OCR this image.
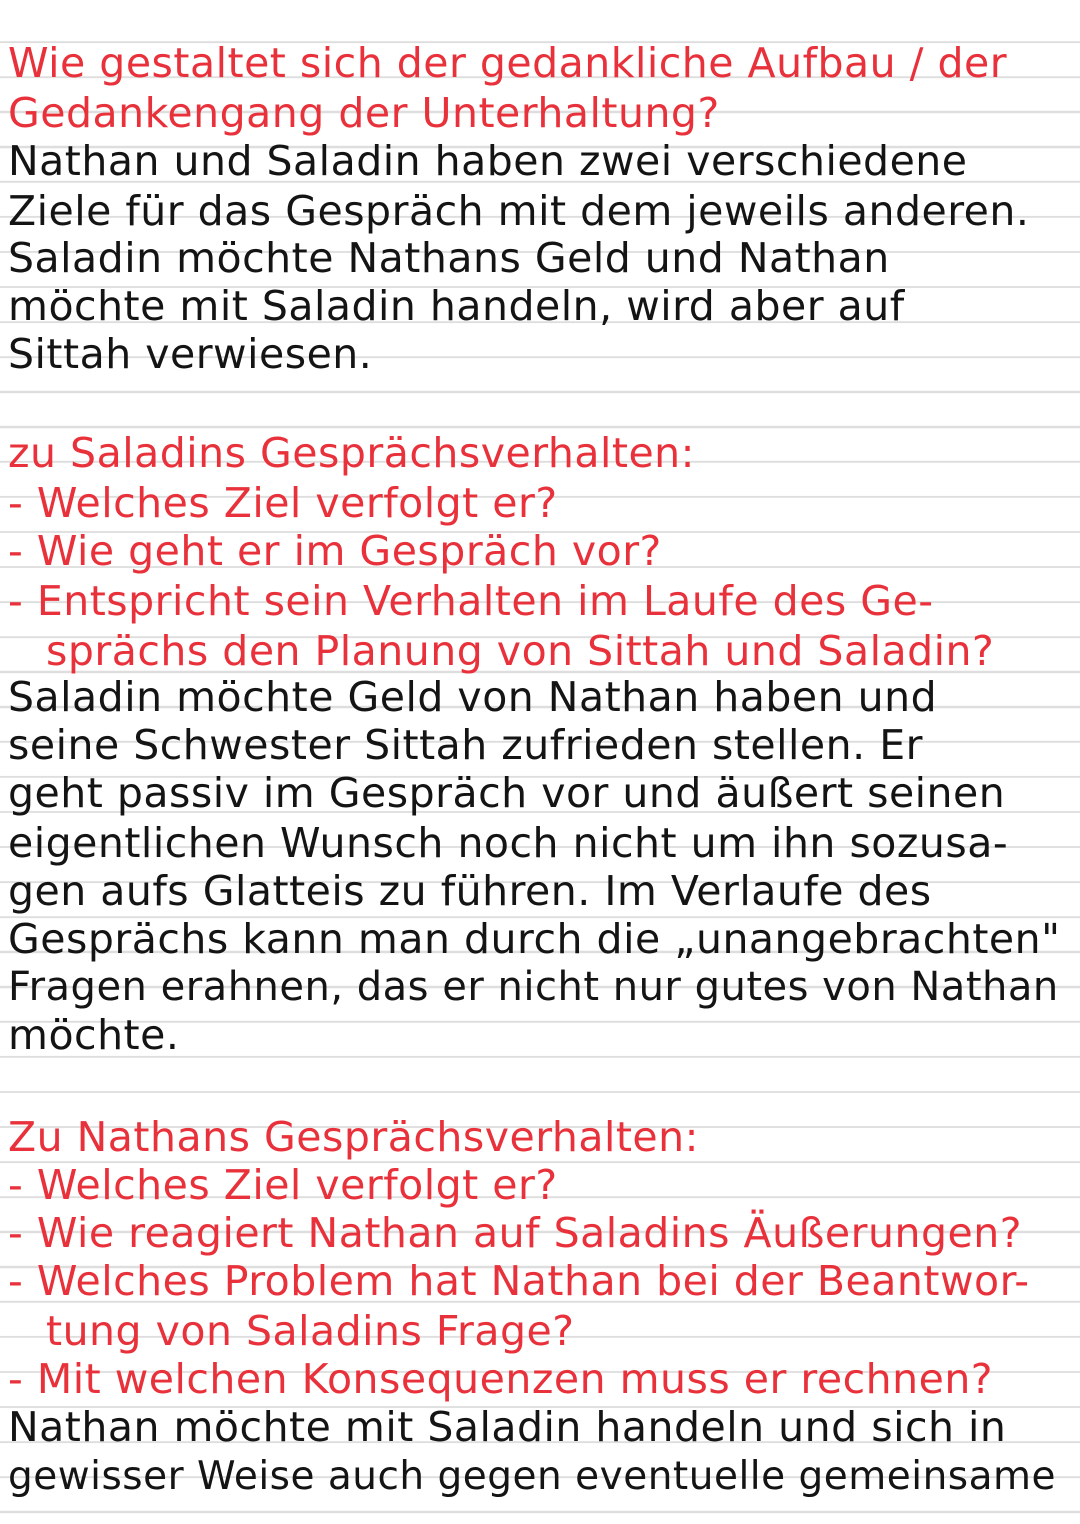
Wie gestaltet sich der gedankliche Aufbau / der

Gedankengang der Unterhaltung?

Nathan und Saladin haben zwei verschiedene

Ziele für das Gespräch mit dem jeweils anderen.

Saladin möchte Nathans Geld und Nathan

möchte mit Saladin handeln, wird aber auf

Sittah verwiesen.

zu Saladins Gesprächsverhalten:

- Welches Ziel verfolgt er?

- Wie geht er im Gespräch vor?

- Entspricht sein Verhalten im Laufe des Ge-

sprächs den Planung von Sittah und Saladin?

Saladin möchte Geld von Nathan haben und

seine Schwester Sittah zufrieden stellen. Er

geht passiv im Gespräch vor und äußert seinen

eigentlichen Wunsch noch nicht um ihn sozusa-

gen aufs Glatteis zu führen. Im Verlaufe des

Gesprächs kann man durch die „unangebrachten"

Fragen erahnen, das er nicht nur gutes von Nathan

möchte.

Zu Nathans Gesprächsverhalten:

- Welches Ziel verfolgt er?

- Wie reagiert Nathan auf Saladins Äußerungen?

- Welches Problem hat Nathan bei der Beantwor-

tung von Saladins Frage?

- Mit welchen Konsequenzen muss er rechnen?

Nathan möchte mit Saladin handeln und sich in

gewisser Weise auch gegen eventuelle gemeinsame
